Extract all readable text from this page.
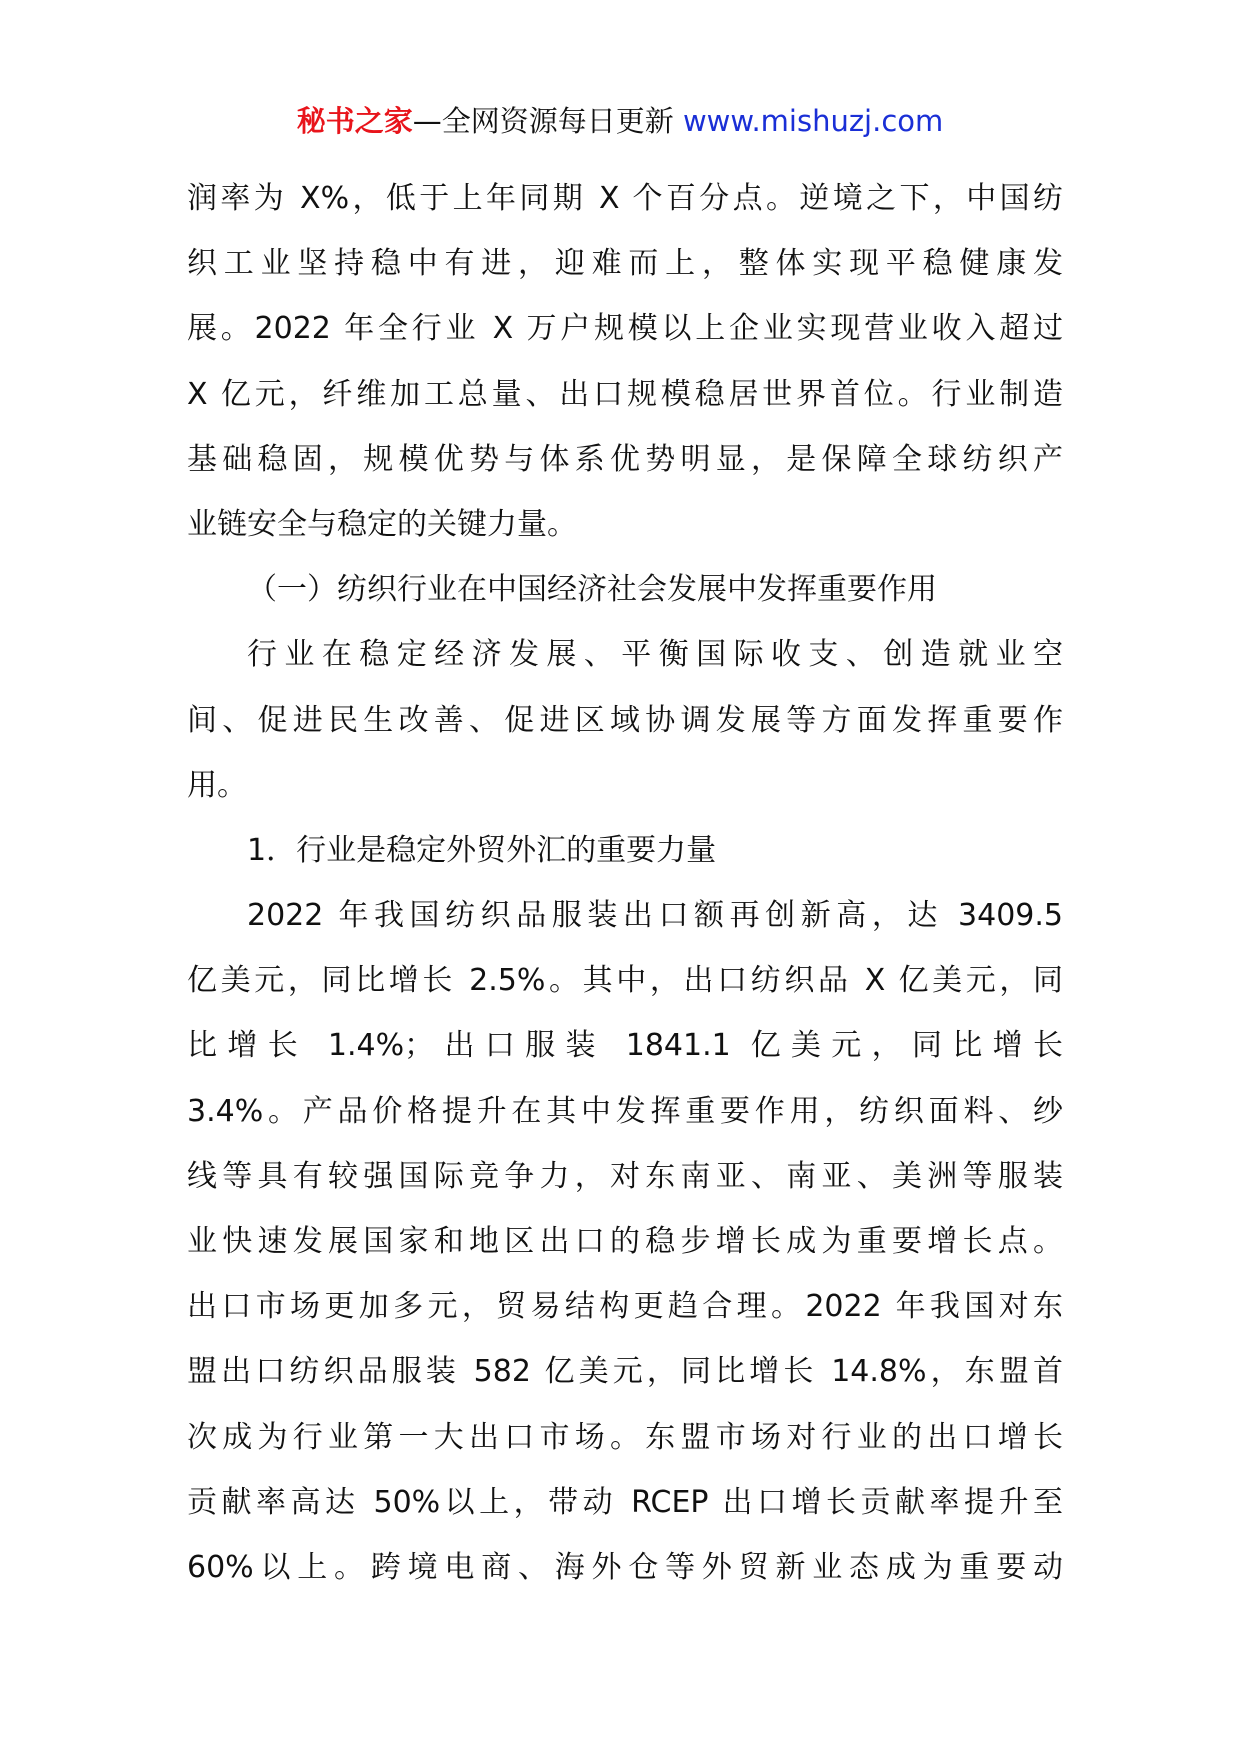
秘书之家—全网资源每日更新 www.mishuzj.com
润率为 X%，低于上年同期 X 个百分点。逆境之下，中国纺
织工业坚持稳中有进，迎难而上，整体实现平稳健康发
展。2022 年全行业 X 万户规模以上企业实现营业收入超过
X 亿元，纤维加工总量、出口规模稳居世界首位。行业制造
基础稳固，规模优势与体系优势明显，是保障全球纺织产
业链安全与稳定的关键力量。
（一）纺织行业在中国经济社会发展中发挥重要作用
行业在稳定经济发展、平衡国际收支、创造就业空
间、促进民生改善、促进区域协调发展等方面发挥重要作
用。
1．行业是稳定外贸外汇的重要力量
2022 年我国纺织品服装出口额再创新高，达 3409.5
亿美元，同比增长 2.5%。其中，出口纺织品 X 亿美元，同
比增长 1.4%；出口服装 1841.1 亿美元，同比增长
3.4%。产品价格提升在其中发挥重要作用，纺织面料、纱
线等具有较强国际竞争力，对东南亚、南亚、美洲等服装
业快速发展国家和地区出口的稳步增长成为重要增长点。
出口市场更加多元，贸易结构更趋合理。2022 年我国对东
盟出口纺织品服装 582 亿美元，同比增长 14.8%，东盟首
次成为行业第一大出口市场。东盟市场对行业的出口增长
贡献率高达 50%以上，带动 RCEP 出口增长贡献率提升至
60%以上。跨境电商、海外仓等外贸新业态成为重要动
